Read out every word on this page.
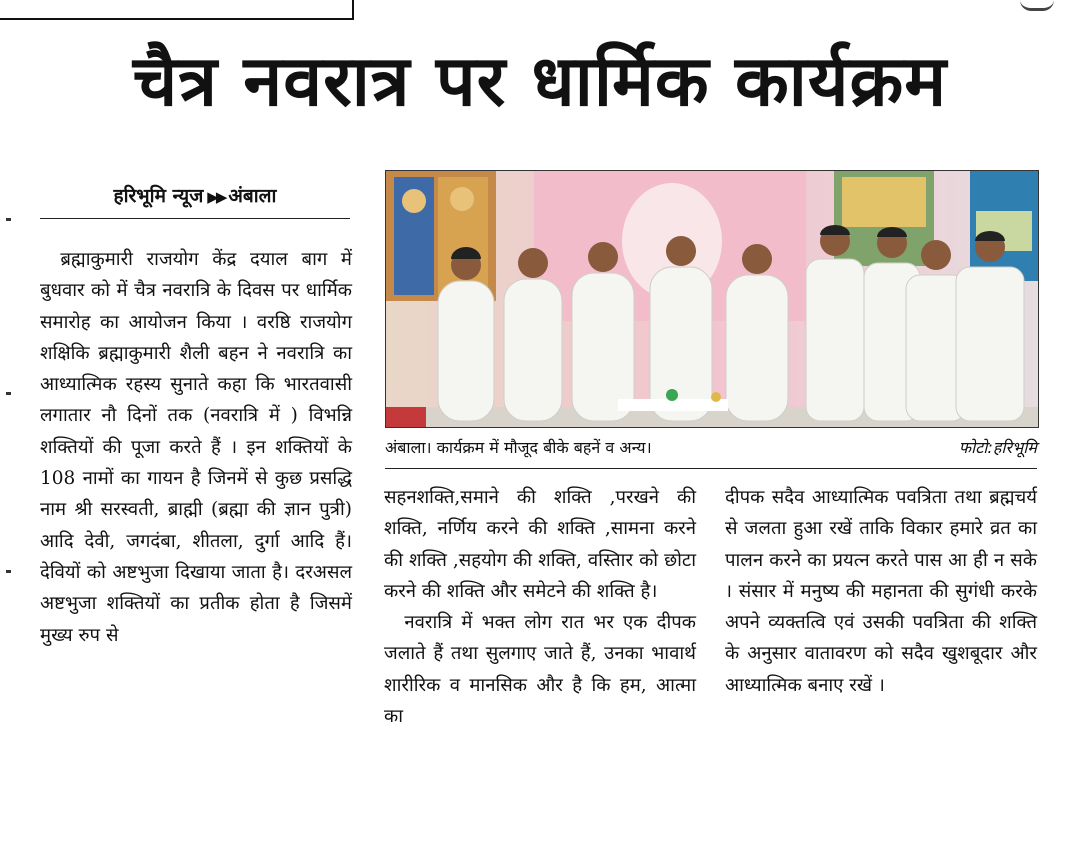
चैत्र नवरात्र पर धार्मिक कार्यक्रम
हरिभूमि न्यूज ▶▶ अंबाला

ब्रह्माकुमारी राजयोग केंद्र दयाल बाग में बुधवार को में चैत्र नवरात्रि के दिवस पर धार्मिक समारोह का आयोजन किया । वरष्ठि राजयोग शक्षिकि ब्रह्माकुमारी शैली बहन ने नवरात्रि का आध्यात्मिक रहस्य सुनाते कहा कि भारतवासी लगातार नौ दिनों तक (नवरात्रि में ) विभन्नि शक्तियों की पूजा करते हैं । इन शक्तियों के 108 नामों का गायन है जिनमें से कुछ प्रसद्धि नाम श्री सरस्वती, ब्राह्मी (ब्रह्मा की ज्ञान पुत्री) आदि देवी, जगदंबा, शीतला, दुर्गा आदि हैं। देवियों को अष्टभुजा दिखाया जाता है। दरअसल अष्टभुजा शक्तियों का प्रतीक होता है जिसमें मुख्य रुप से

अंबाला। कार्यक्रम में मौजूद बीके बहनें व अन्य।	फोटो:हरिभूमि

सहनशक्ति,समाने की शक्ति ,परखने की शक्ति, नर्णिय करने की शक्ति ,सामना करने की शक्ति ,सहयोग की शक्ति, वस्तिार को छोटा करने की शक्ति और समेटने की शक्ति है।

नवरात्रि में भक्त लोग रात भर एक दीपक जलाते हैं तथा सुलगाए जाते हैं, उनका भावार्थ शारीरिक व मानसिक और है कि हम, आत्मा का

दीपक सदैव आध्यात्मिक पवत्रिता तथा ब्रह्मचर्य से जलता हुआ रखें ताकि विकार हमारे व्रत का पालन करने का प्रयत्न करते पास आ ही न सके । संसार में मनुष्य की महानता की सुगंधी करके अपने व्यक्तत्वि एवं उसकी पवत्रिता की शक्ति के अनुसार वातावरण को सदैव खुशबूदार और आध्यात्मिक बनाए रखें ।
